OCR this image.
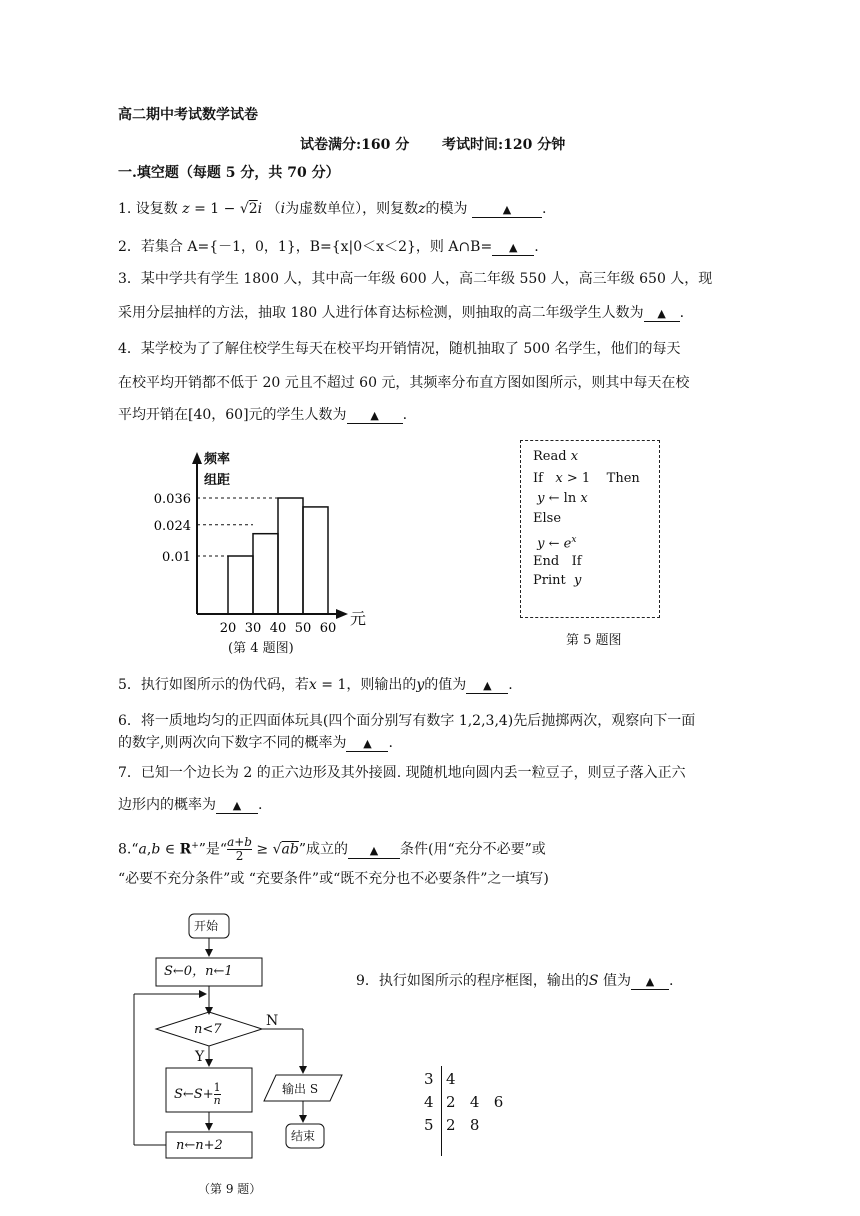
高二期中考试数学试卷
试卷满分:160 分 考试时间:120 分钟
一.填空题（每题 5 分，共 70 分）
1. 设复数 z = 1 − √2i （i为虚数单位），则复数z的模为	▲ .
2．若集合 A={－1，0，1}，B={x|0＜x＜2}，则 A∩B= ▲ .
3．某中学共有学生 1800 人，其中高一年级 600 人，高二年级 550 人，高三年级 650 人，现
采用分层抽样的方法，抽取 180 人进行体育达标检测，则抽取的高二年级学生人数为 ▲ .
4．某学校为了了解住校学生每天在校平均开销情况，随机抽取了 500 名学生，他们的每天
在校平均开销都不低于 20 元且不超过 60 元，其频率分布直方图如图所示，则其中每天在校
平均开销在[40，60]元的学生人数为 ▲ .
0.036
0.024
0.01
20 30 40 50 60
频率
组距
元
(第 4 题图)
Read x
If   x > 1    Then
y ← ln x
Else
y ← $e^x$
End   If
Print  y
第 5 题图
5．执行如图所示的伪代码，若x = 1，则输出的y的值为 ▲ .
6．将一质地均匀的正四面体玩具(四个面分别写有数字 1,2,3,4)先后抛掷两次，观察向下一面
的数字,则两次向下数字不同的概率为 ▲ .
7．已知一个边长为 2 的正六边形及其外接圆. 现随机地向圆内丢一粒豆子，则豆子落入正六
边形内的概率为 ▲ .
8.“a,b ∈ R+”是“ $\frac{a+b}{2} \ge √ab$”成立的 ▲ 条件(用“充分不必要”或
“必要不充分条件”或 “充要条件”或“既不充分也不必要条件”之一填写)
开始
S←0，n←1
n<7
N
Y
S←S+ $\frac{1}{n}$
n←n+2
输出 S
结束
（第 9 题）
9．执行如图所示的程序框图，输出的S 值为 ▲ .
3
4
5
4
2   4   6
2   8
